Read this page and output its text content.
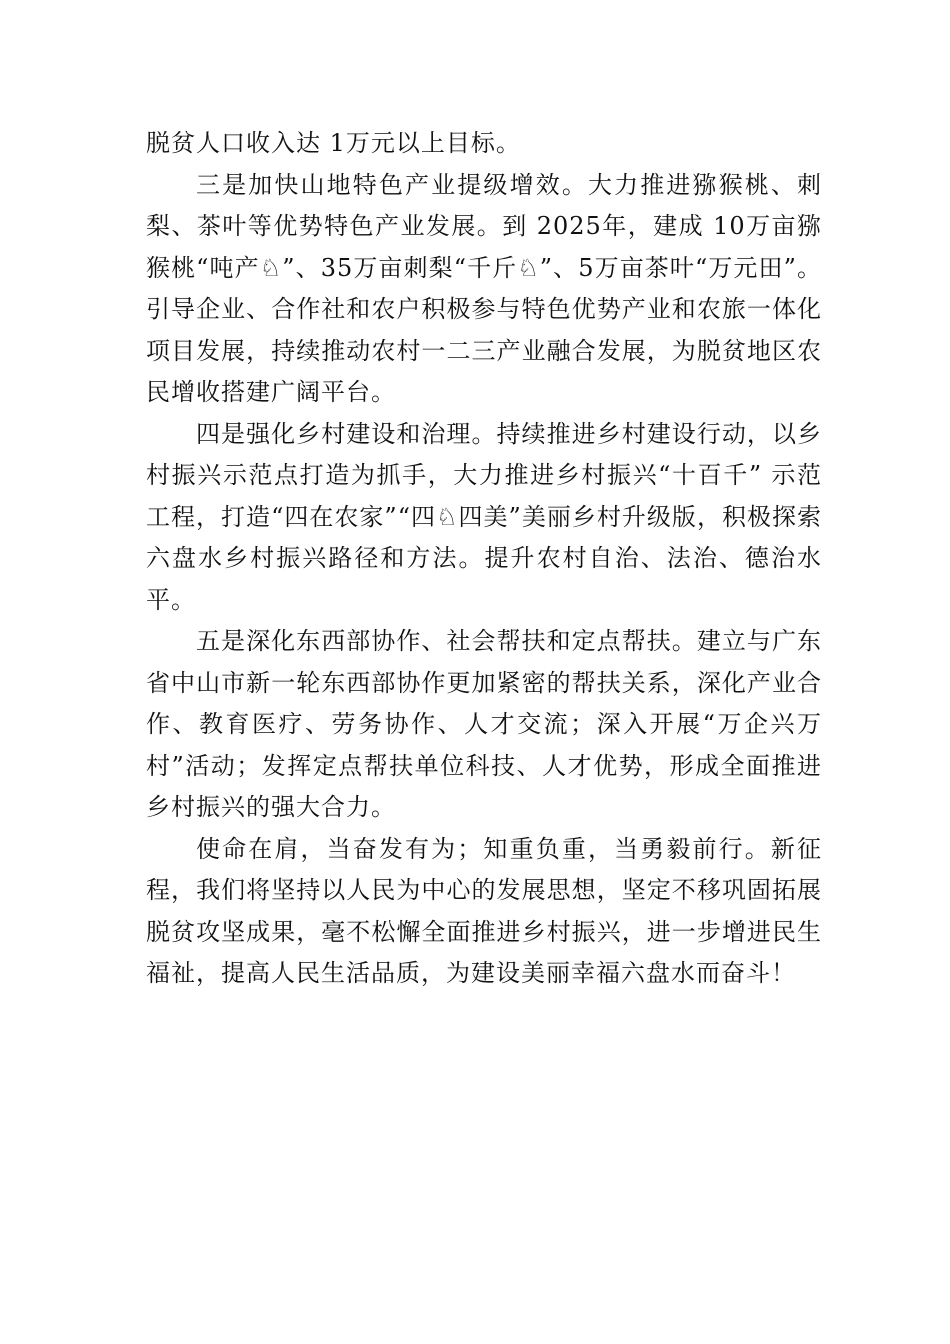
脱贫人口收入达 1万元以上目标。

三是加快山地特色产业提级增效。大力推进猕猴桃、刺梨、茶叶等优势特色产业发展。到 2025年，建成 10万亩猕猴桃“吨产♘”、35万亩刺梨“千斤♘”、5万亩茶叶“万元田”。引导企业、合作社和农户积极参与特色优势产业和农旅一体化项目发展，持续推动农村一二三产业融合发展，为脱贫地区农民增收搭建广阔平台。

四是强化乡村建设和治理。持续推进乡村建设行动，以乡村振兴示范点打造为抓手，大力推进乡村振兴“十百千” 示范工程，打造“四在农家”“四♘四美”美丽乡村升级版，积极探索六盘水乡村振兴路径和方法。提升农村自治、法治、德治水平。

五是深化东西部协作、社会帮扶和定点帮扶。建立与广东省中山市新一轮东西部协作更加紧密的帮扶关系，深化产业合作、教育医疗、劳务协作、人才交流；深入开展“万企兴万村”活动；发挥定点帮扶单位科技、人才优势，形成全面推进乡村振兴的强大合力。

使命在肩，当奋发有为；知重负重，当勇毅前行。新征程，我们将坚持以人民为中心的发展思想，坚定不移巩固拓展脱贫攻坚成果，毫不松懈全面推进乡村振兴，进一步增进民生福祉，提高人民生活品质，为建设美丽幸福六盘水而奋斗！
